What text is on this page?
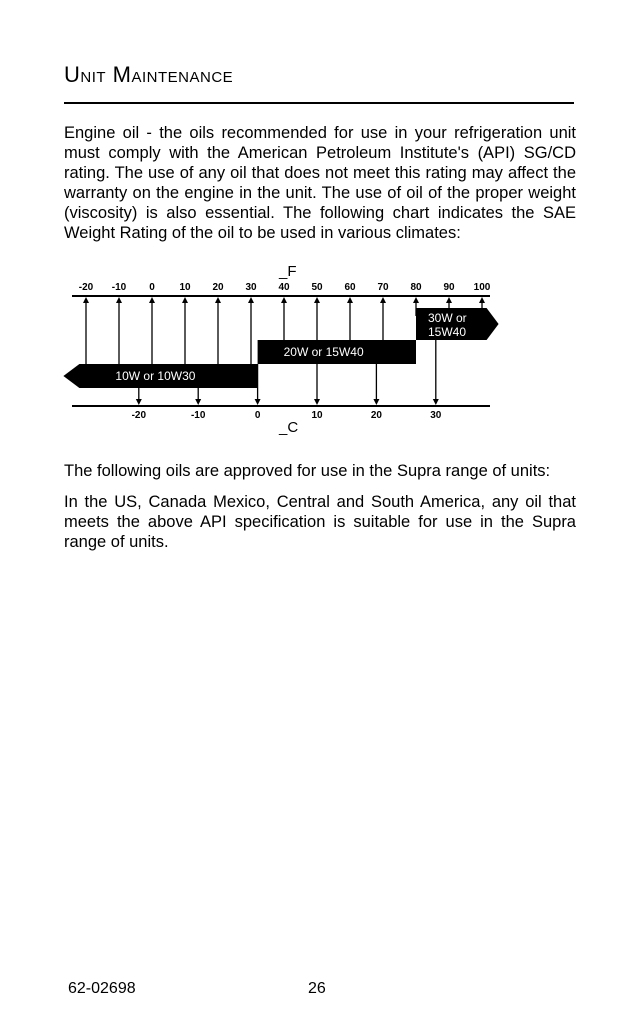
Unit Maintenance

Engine oil - the oils recommended for use in your refrigeration unit must comply with the American Petroleum Institute's (API) SG/CD rating. The use of any oil that does not meet this rating may affect the warranty on the engine in the unit. The use of oil of the proper weight (viscosity) is also essential. The following chart indicates the SAE Weight Rating of the oil to be used in various climates:

_F
_C
-20 -10 0 10 20 30 40 50 60 70 80 90 100
-20	-10	0	10	20	30
10W or 10W30
20W or 15W40
30W or
15W40

The following oils are approved for use in the Supra range of units:

In the US, Canada Mexico, Central and South America, any oil that meets the above API specification is suitable for use in the Supra range of units.

62-02698	26
